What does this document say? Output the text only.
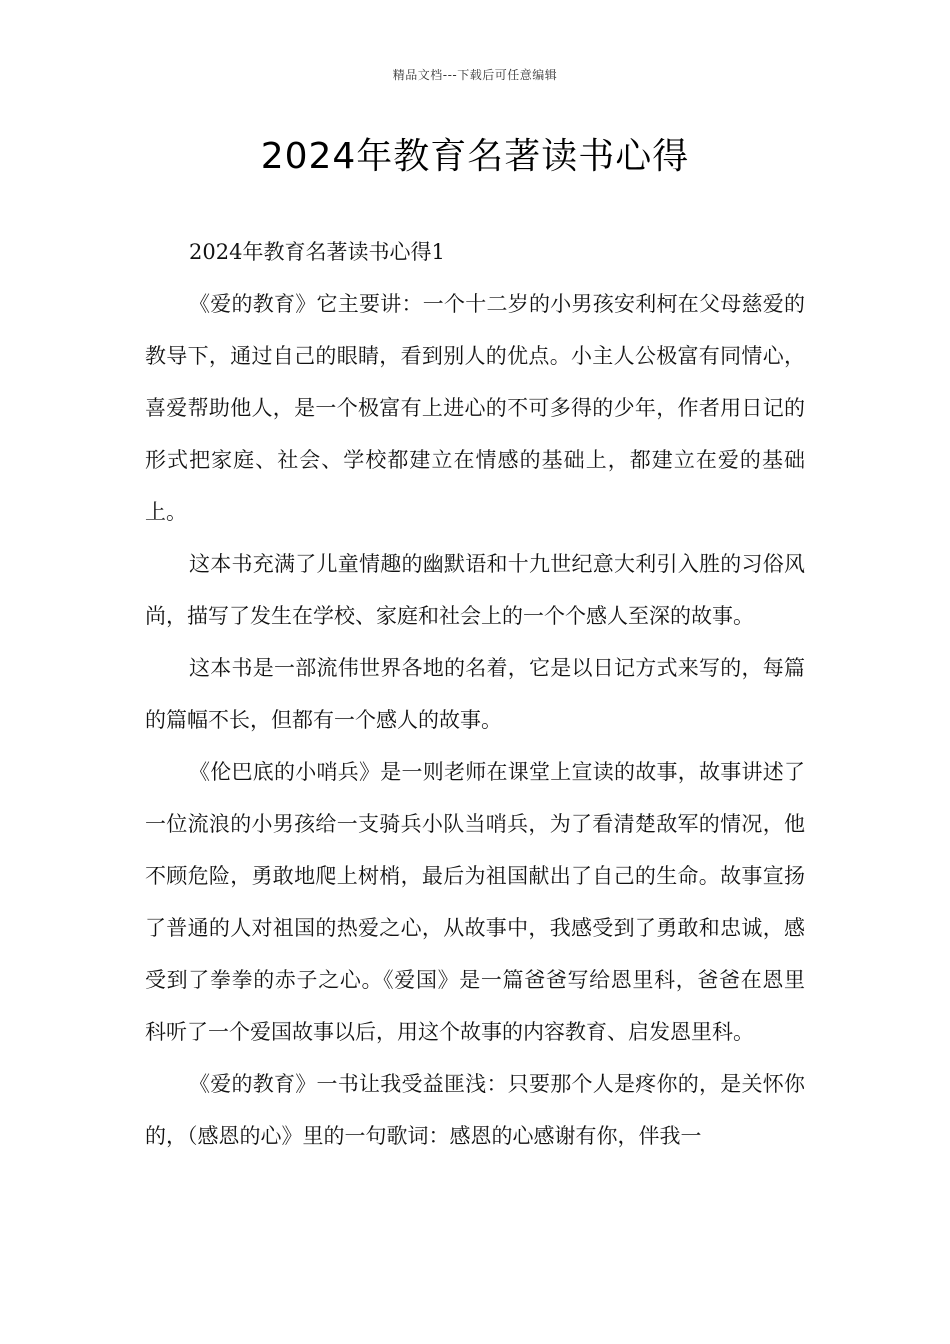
精品文档---下载后可任意编辑
2024年教育名著读书心得

2024年教育名著读书心得1

《爱的教育》它主要讲：一个十二岁的小男孩安利柯在父母慈爱的教导下，通过自己的眼睛，看到别人的优点。小主人公极富有同情心，喜爱帮助他人，是一个极富有上进心的不可多得的少年，作者用日记的形式把家庭、社会、学校都建立在情感的基础上，都建立在爱的基础上。

这本书充满了儿童情趣的幽默语和十九世纪意大利引入胜的习俗风尚，描写了发生在学校、家庭和社会上的一个个感人至深的故事。

这本书是一部流伟世界各地的名着，它是以日记方式来写的，每篇的篇幅不长，但都有一个感人的故事。

《伦巴底的小哨兵》是一则老师在课堂上宣读的故事，故事讲述了一位流浪的小男孩给一支骑兵小队当哨兵，为了看清楚敌军的情况，他不顾危险，勇敢地爬上树梢，最后为祖国献出了自己的生命。故事宣扬了普通的人对祖国的热爱之心，从故事中，我感受到了勇敢和忠诚，感受到了拳拳的赤子之心。《爱国》是一篇爸爸写给恩里科，爸爸在恩里科听了一个爱国故事以后，用这个故事的内容教育、启发恩里科。

《爱的教育》一书让我受益匪浅：只要那个人是疼你的，是关怀你的，（感恩的心》里的一句歌词：感恩的心感谢有你，伴我一
